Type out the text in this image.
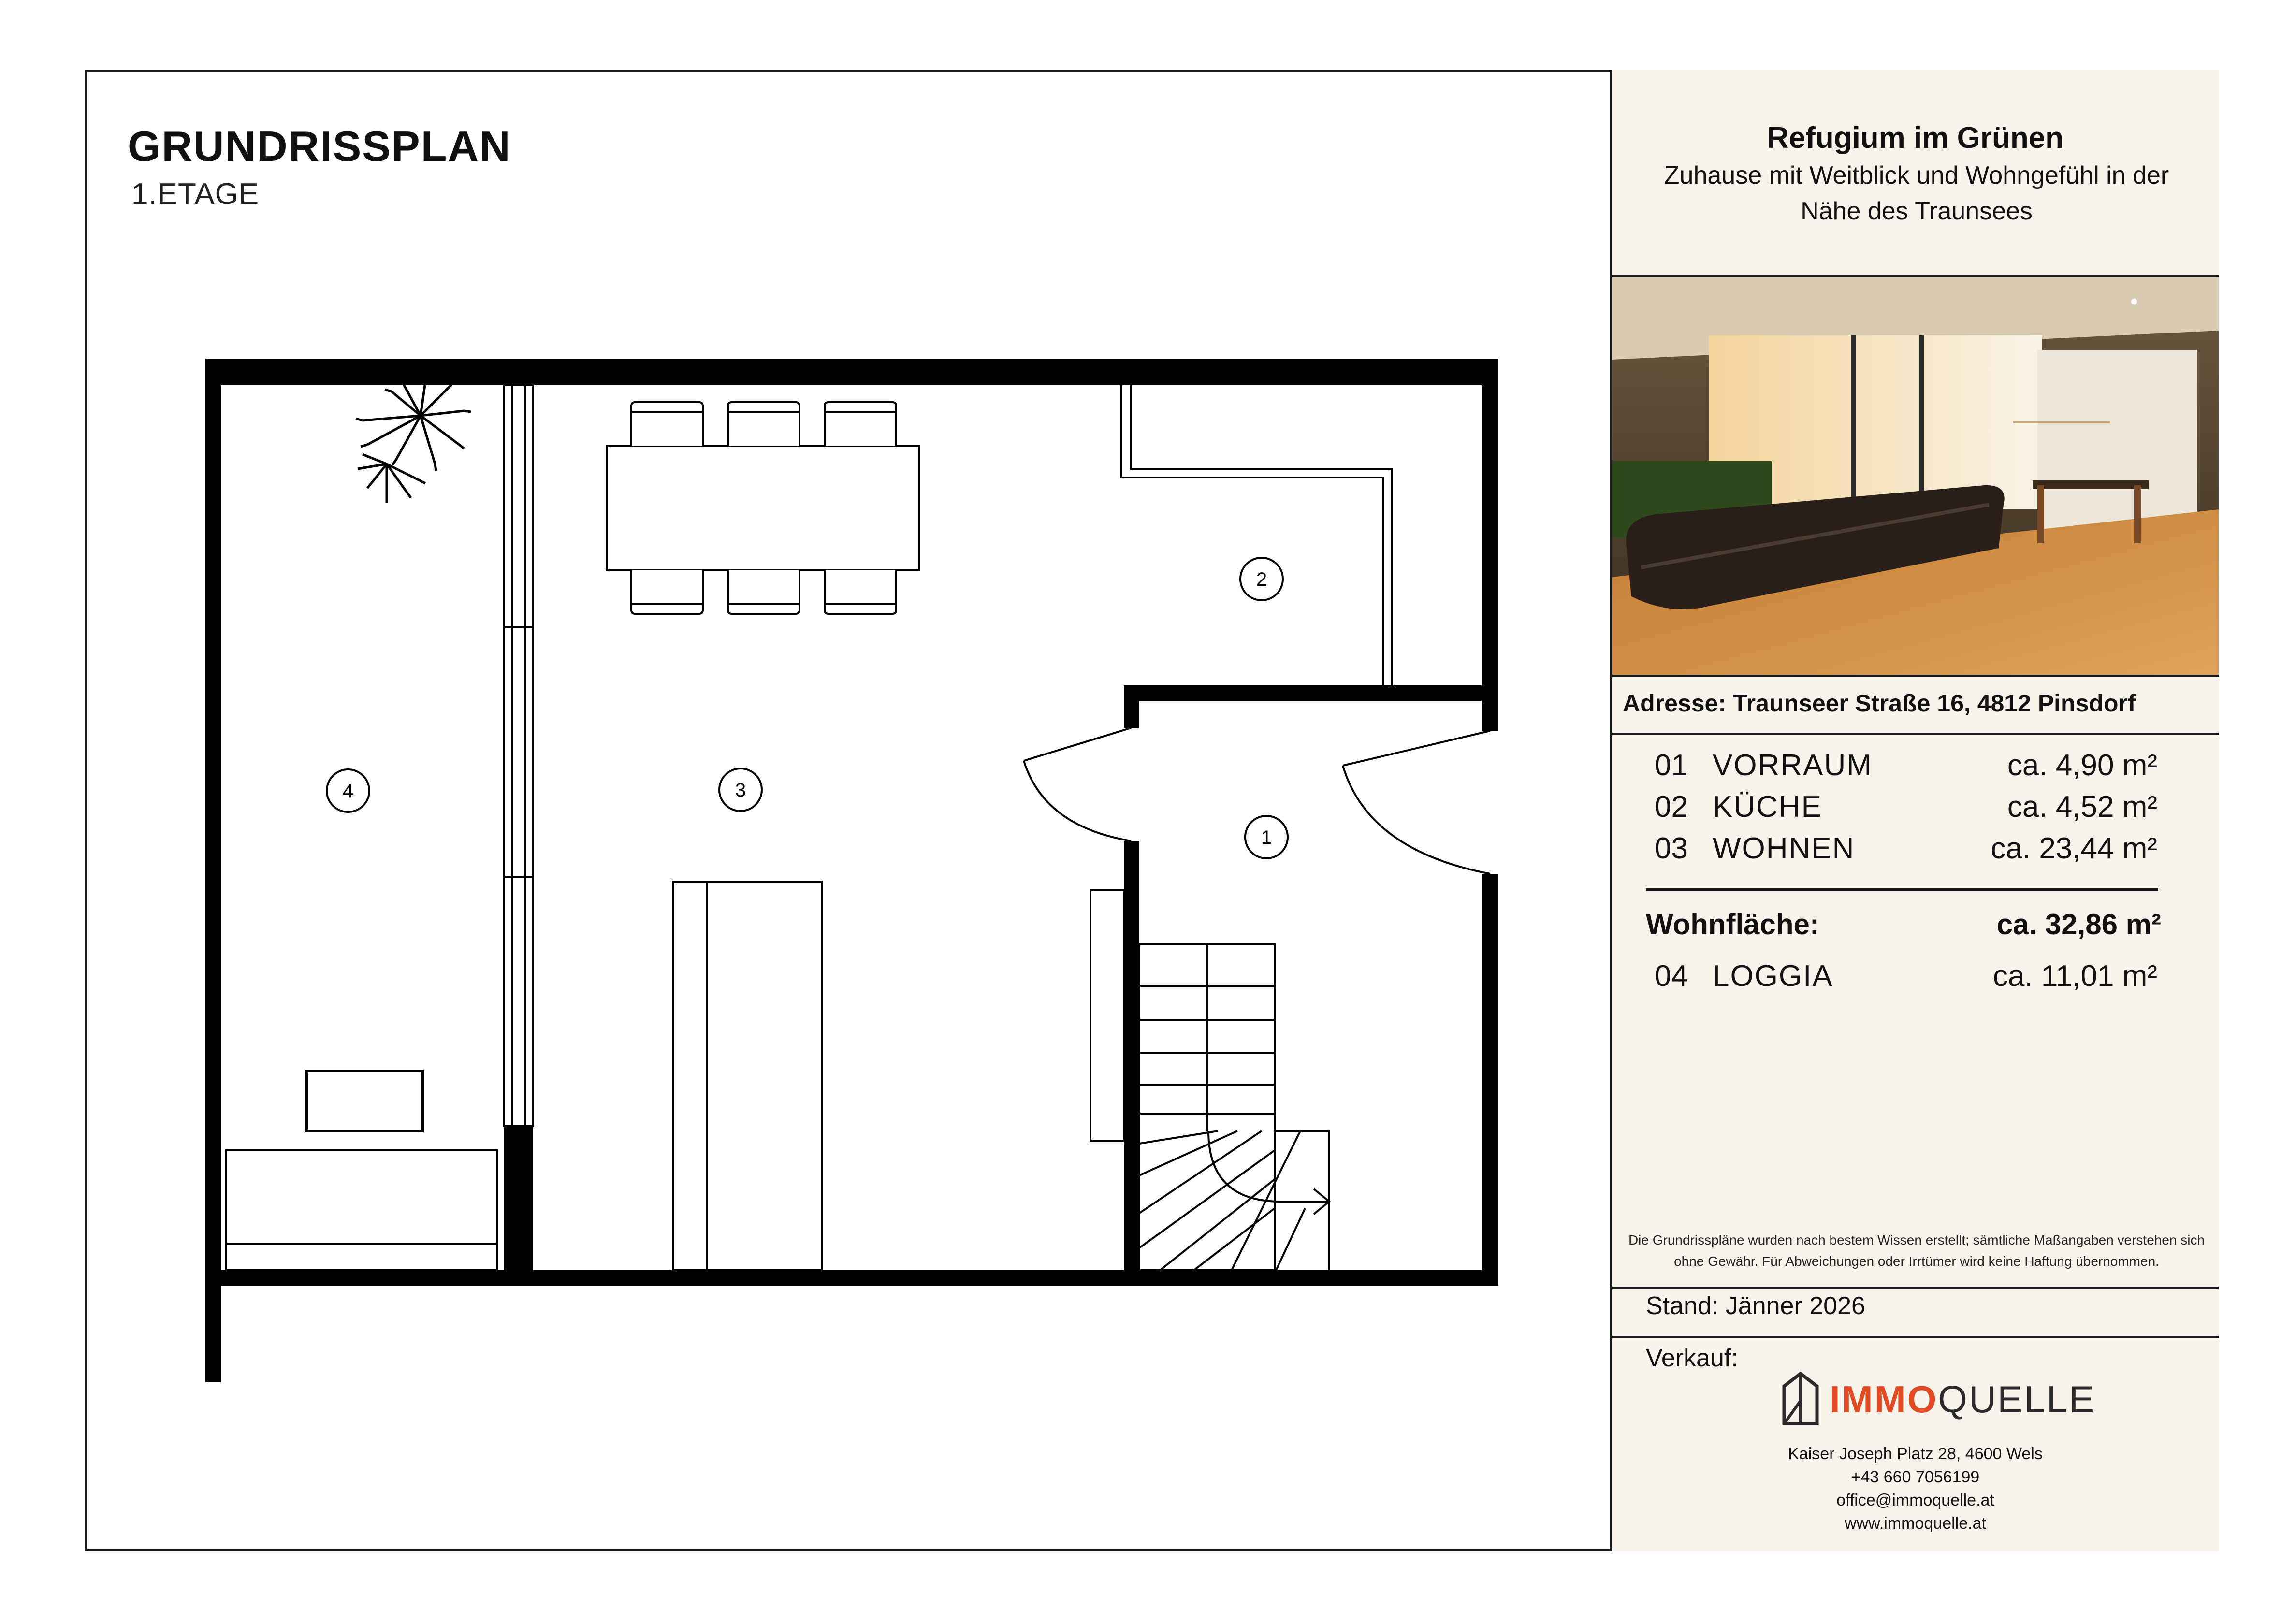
GRUNDRISSPLAN
1.ETAGE
1
2
3
4
Refugium im Grünen
Zuhause mit Weitblick und Wohngefühl in der Nähe des Traunsees
Adresse: Traunseer Straße 16, 4812 Pinsdorf
01 VORRAUM	ca. 4,90 m²
02 KÜCHE	ca. 4,52 m²
03 WOHNEN	ca. 23,44 m²
Wohnfläche:	ca. 32,86 m²
04 LOGGIA	ca. 11,01 m²
Die Grundrisspläne wurden nach bestem Wissen erstellt; sämtliche Maßangaben verstehen sich ohne Gewähr. Für Abweichungen oder Irrtümer wird keine Haftung übernommen.
Stand: Jänner 2026
Verkauf:
IMMOQUELLE
Kaiser Joseph Platz 28, 4600 Wels
+43 660 7056199
office@immoquelle.at
www.immoquelle.at
